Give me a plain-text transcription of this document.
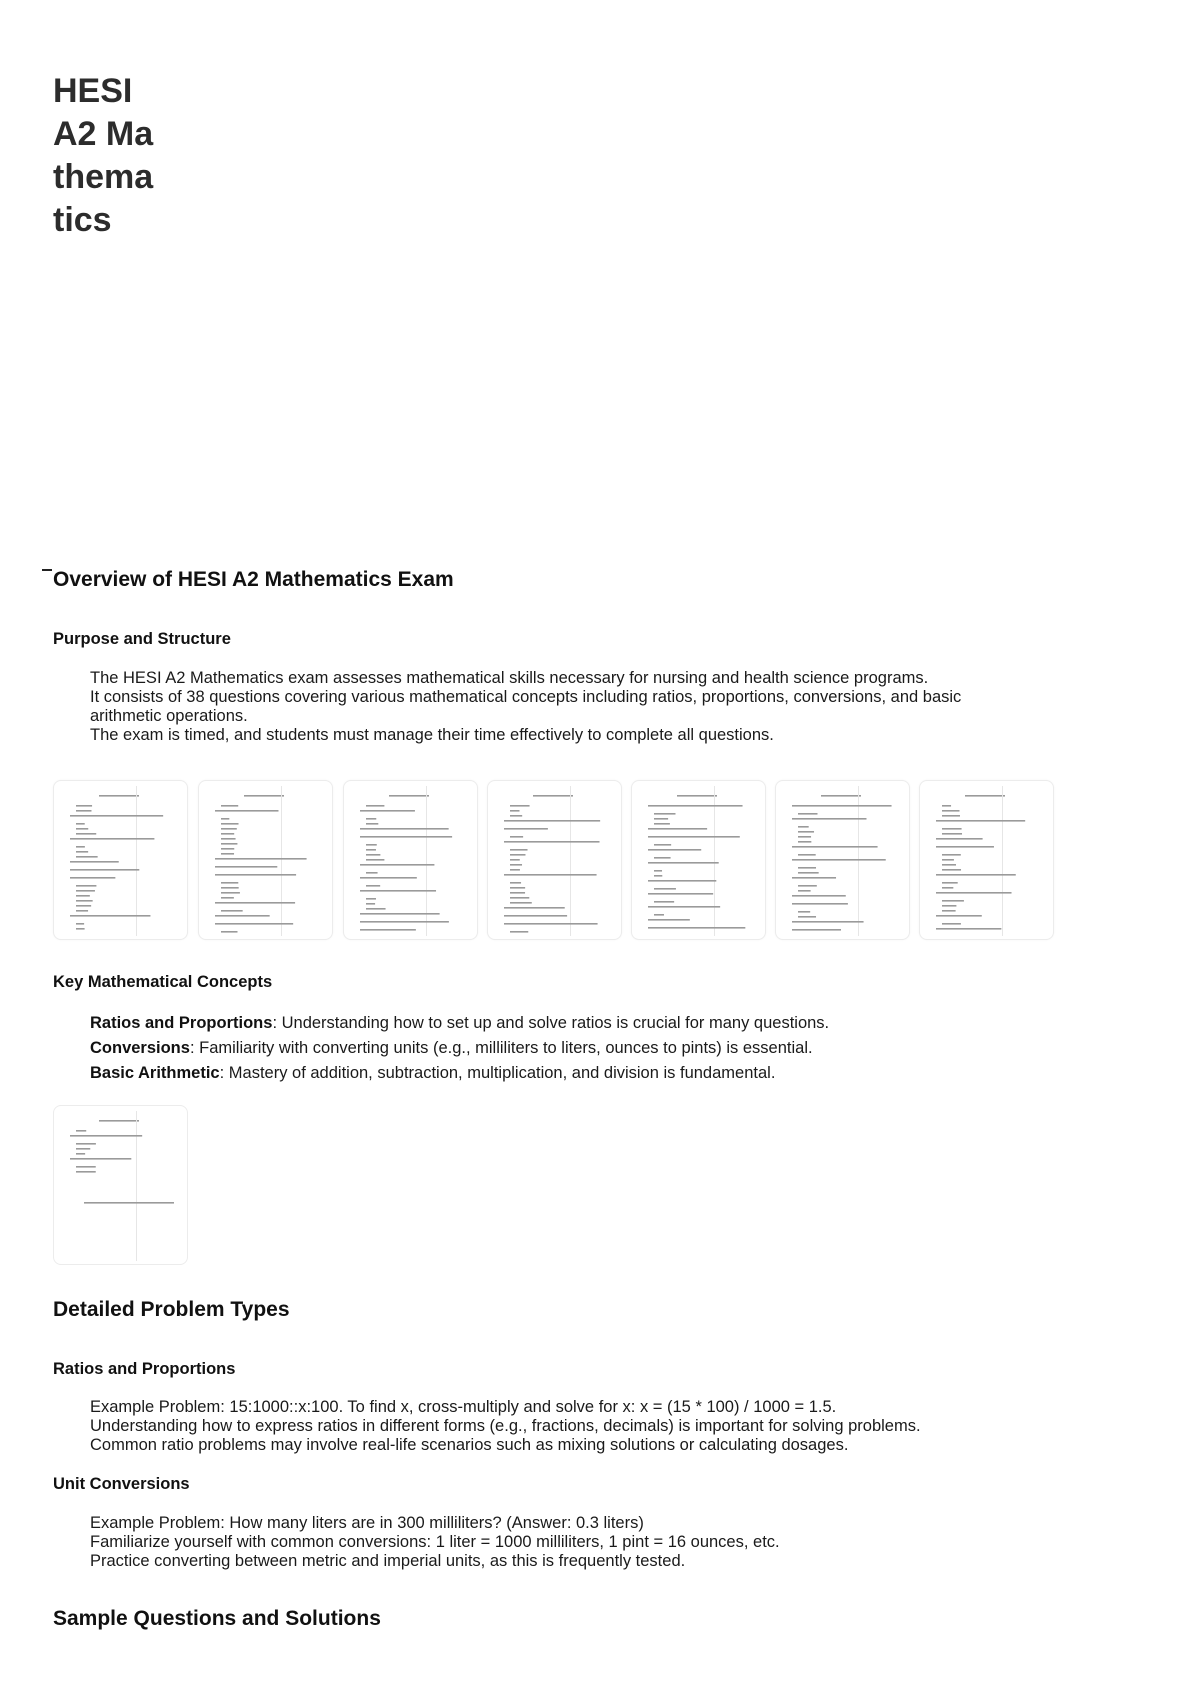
HESI A2 Mathematics
Overview of HESI A2 Mathematics Exam
Purpose and Structure
The HESI A2 Mathematics exam assesses mathematical skills necessary for nursing and health science programs.
It consists of 38 questions covering various mathematical concepts including ratios, proportions, conversions, and basic
arithmetic operations.
The exam is timed, and students must manage their time effectively to complete all questions.
Key Mathematical Concepts
Ratios and Proportions: Understanding how to set up and solve ratios is crucial for many questions.
Conversions: Familiarity with converting units (e.g., milliliters to liters, ounces to pints) is essential.
Basic Arithmetic: Mastery of addition, subtraction, multiplication, and division is fundamental.
Detailed Problem Types
Ratios and Proportions
Example Problem: 15:1000::x:100. To find x, cross-multiply and solve for x: x = (15 * 100) / 1000 = 1.5.
Understanding how to express ratios in different forms (e.g., fractions, decimals) is important for solving problems.
Common ratio problems may involve real-life scenarios such as mixing solutions or calculating dosages.
Unit Conversions
Example Problem: How many liters are in 300 milliliters? (Answer: 0.3 liters)
Familiarize yourself with common conversions: 1 liter = 1000 milliliters, 1 pint = 16 ounces, etc.
Practice converting between metric and imperial units, as this is frequently tested.
Sample Questions and Solutions
